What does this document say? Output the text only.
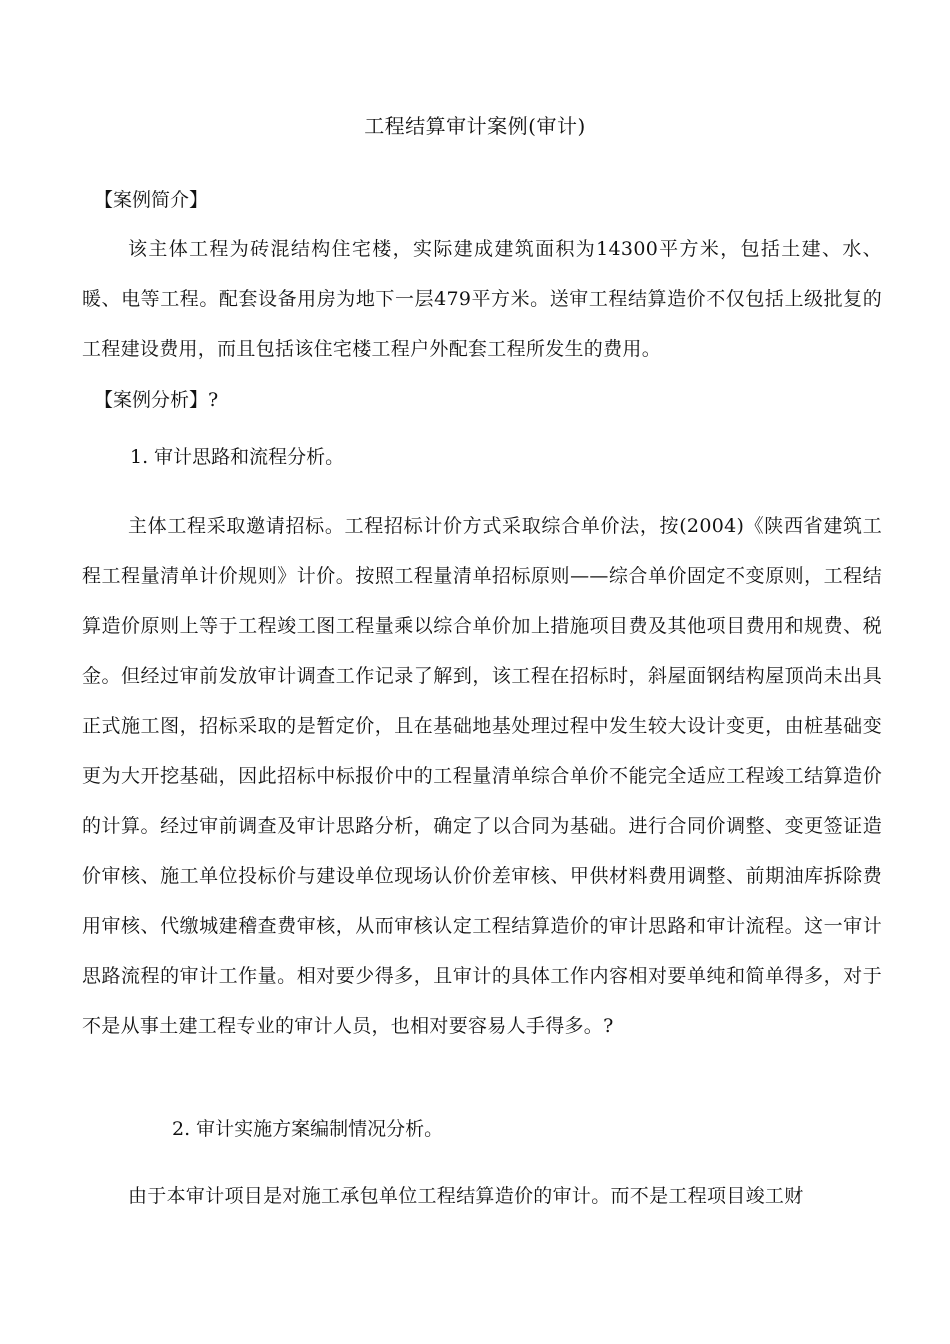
工程结算审计案例(审计)
【案例简介】
该主体工程为砖混结构住宅楼，实际建成建筑面积为14300平方米，包括土建、水、暖、电等工程。配套设备用房为地下一层479平方米。送审工程结算造价不仅包括上级批复的工程建设费用，而且包括该住宅楼工程户外配套工程所发生的费用。
【案例分析】?
1. 审计思路和流程分析。
主体工程采取邀请招标。工程招标计价方式采取综合单价法，按(2004)《陕西省建筑工程工程量清单计价规则》计价。按照工程量清单招标原则——综合单价固定不变原则，工程结算造价原则上等于工程竣工图工程量乘以综合单价加上措施项目费及其他项目费用和规费、税金。但经过审前发放审计调查工作记录了解到，该工程在招标时，斜屋面钢结构屋顶尚未出具正式施工图，招标采取的是暂定价，且在基础地基处理过程中发生较大设计变更，由桩基础变更为大开挖基础，因此招标中标报价中的工程量清单综合单价不能完全适应工程竣工结算造价的计算。经过审前调查及审计思路分析，确定了以合同为基础。进行合同价调整、变更签证造价审核、施工单位投标价与建设单位现场认价价差审核、甲供材料费用调整、前期油库拆除费用审核、代缴城建稽查费审核，从而审核认定工程结算造价的审计思路和审计流程。这一审计思路流程的审计工作量。相对要少得多，且审计的具体工作内容相对要单纯和简单得多，对于不是从事土建工程专业的审计人员，也相对要容易人手得多。?
2. 审计实施方案编制情况分析。
由于本审计项目是对施工承包单位工程结算造价的审计。而不是工程项目竣工财
